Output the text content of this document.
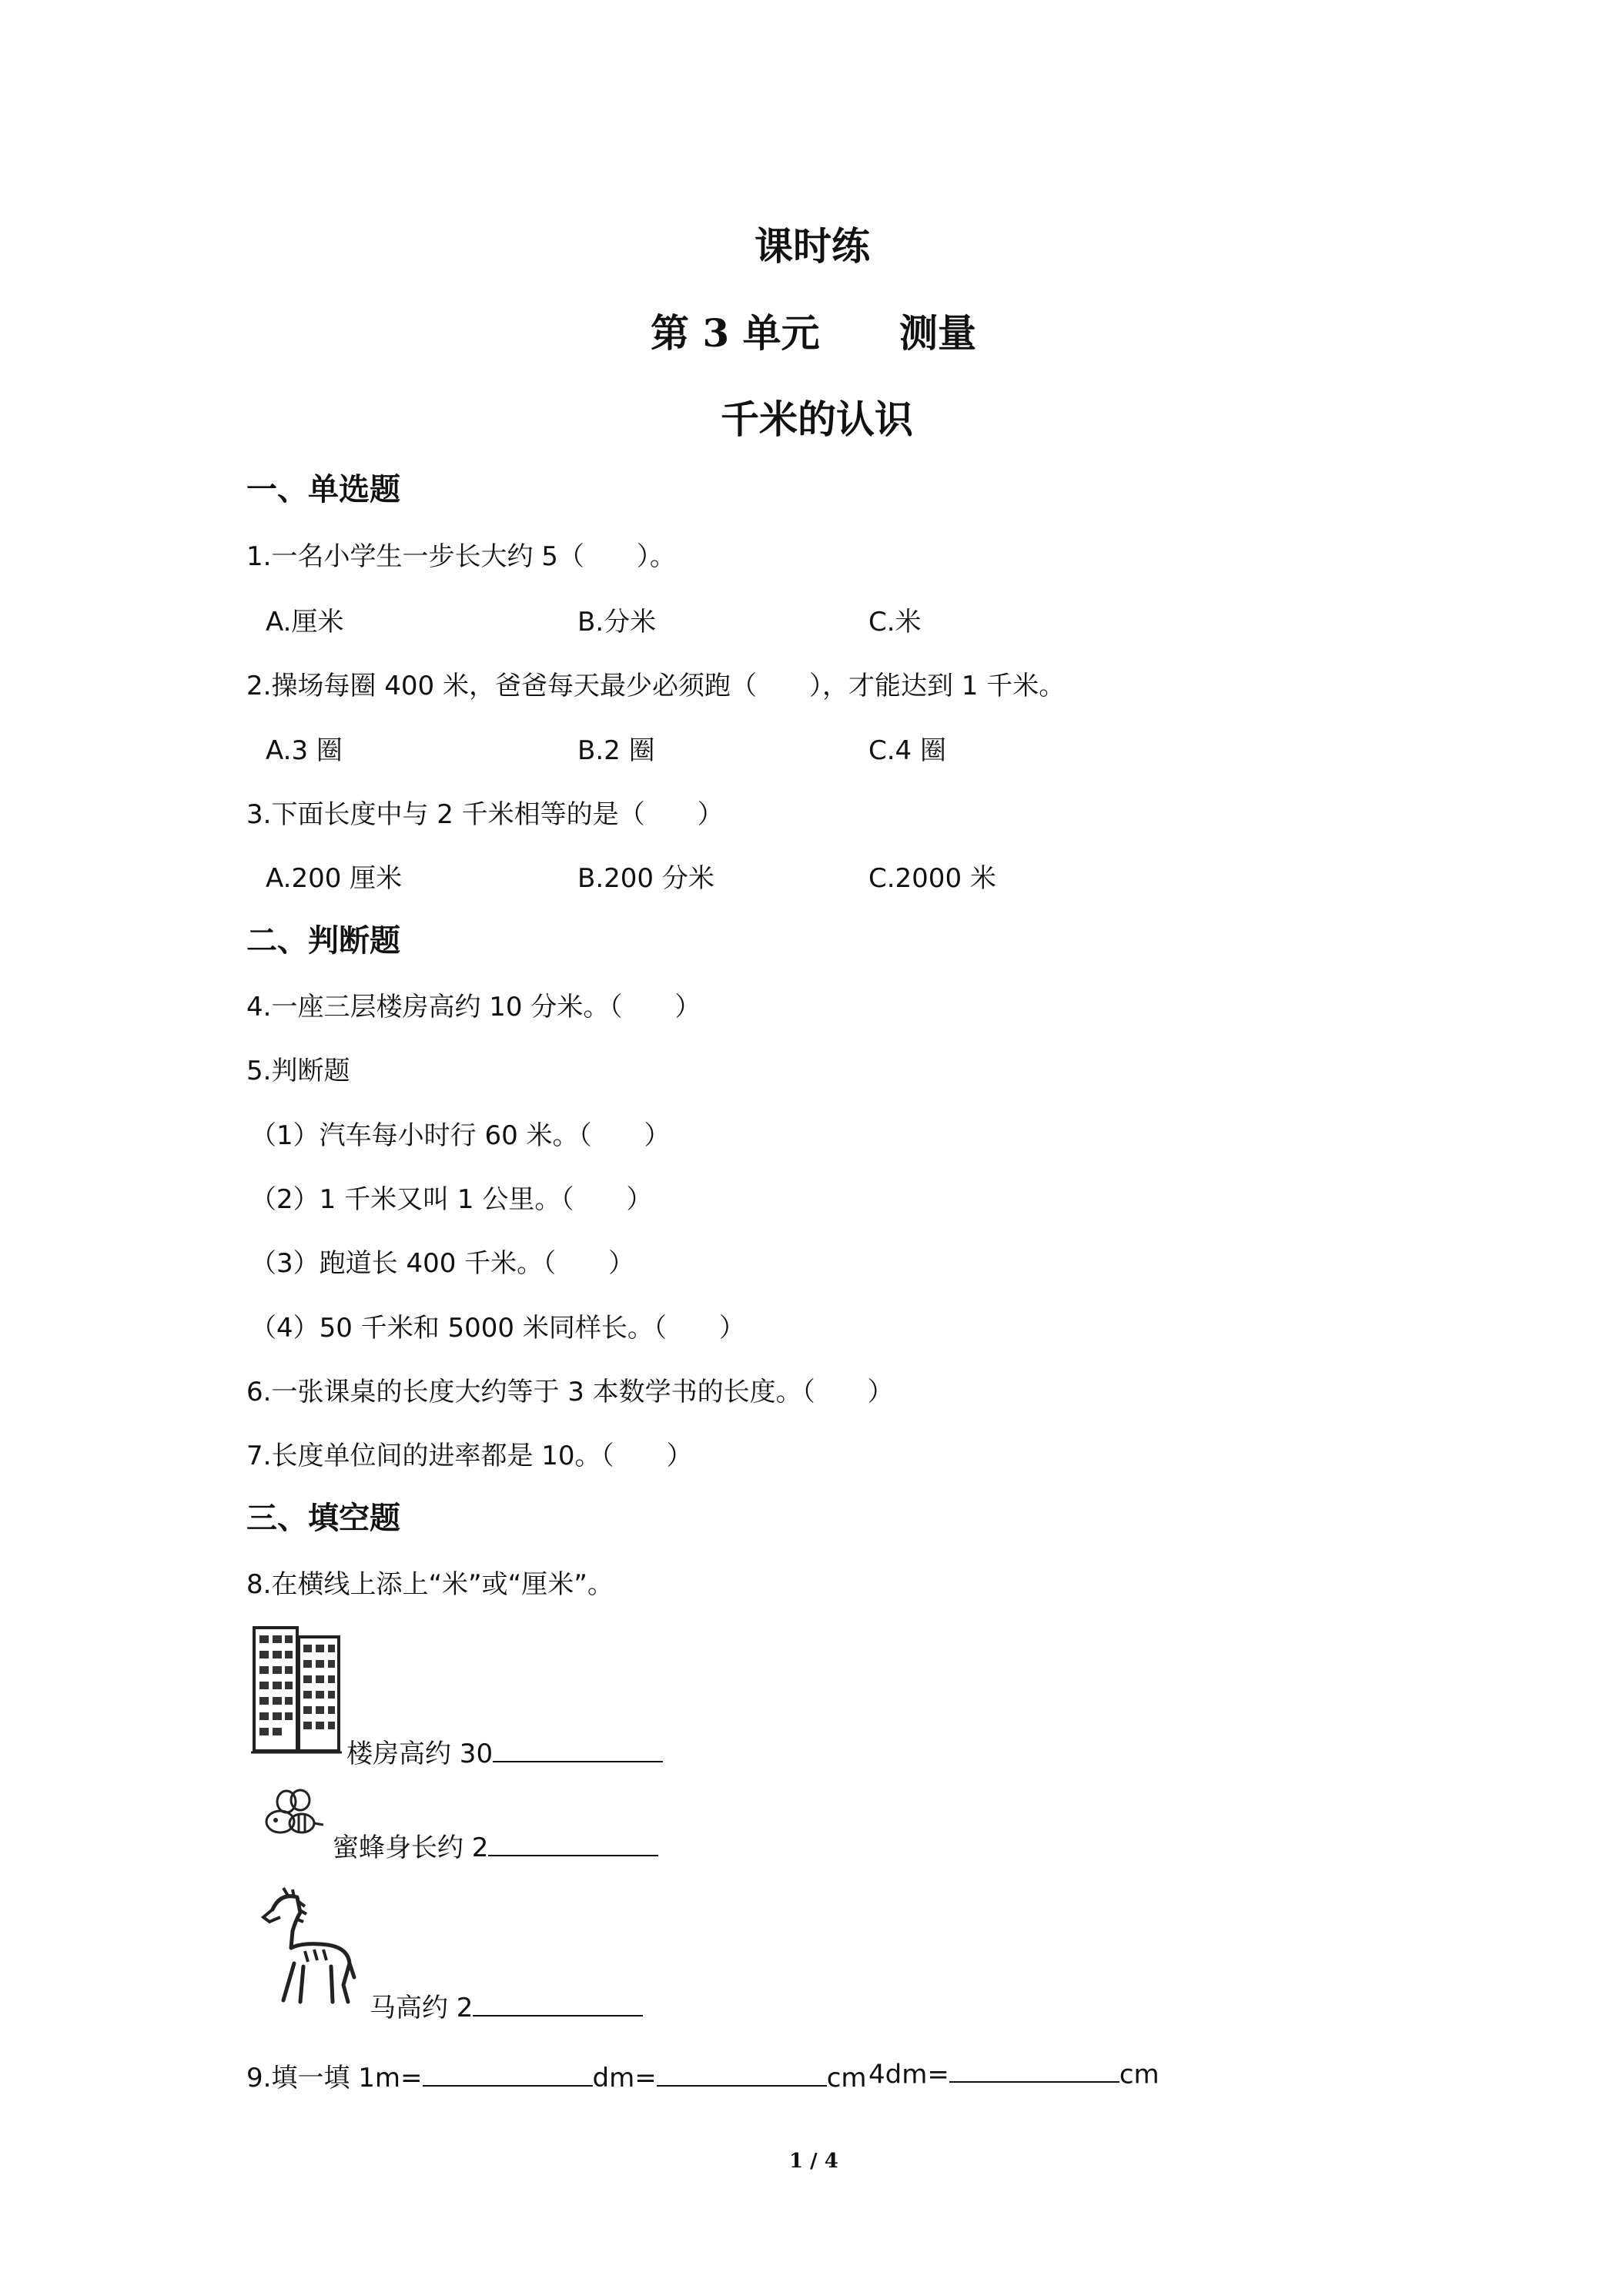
课时练
第 3 单元 测量
千米的认识
一、单选题
1.一名小学生一步长大约 5（　　）。
A.厘米	B.分米	C.米
2.操场每圈 400 米，爸爸每天最少必须跑（　　），才能达到 1 千米。
A.3 圈	B.2 圈	C.4 圈
3.下面长度中与 2 千米相等的是（　　）
A.200 厘米	B.200 分米	C.2000 米
二、判断题
4.一座三层楼房高约 10 分米。（　　）
5.判断题
（1）汽车每小时行 60 米。（　　）
（2）1 千米又叫 1 公里。（　　）
（3）跑道长 400 千米。（　　）
（4）50 千米和 5000 米同样长。（　　）
6.一张课桌的长度大约等于 3 本数学书的长度。（　　）
7.长度单位间的进率都是 10。（　　）
三、填空题
8.在横线上添上“米”或“厘米”。
楼房高约 30
蜜蜂身长约 2
马高约 2
9.填一填 1m=	dm=	cm 4dm=	cm
1 / 4
